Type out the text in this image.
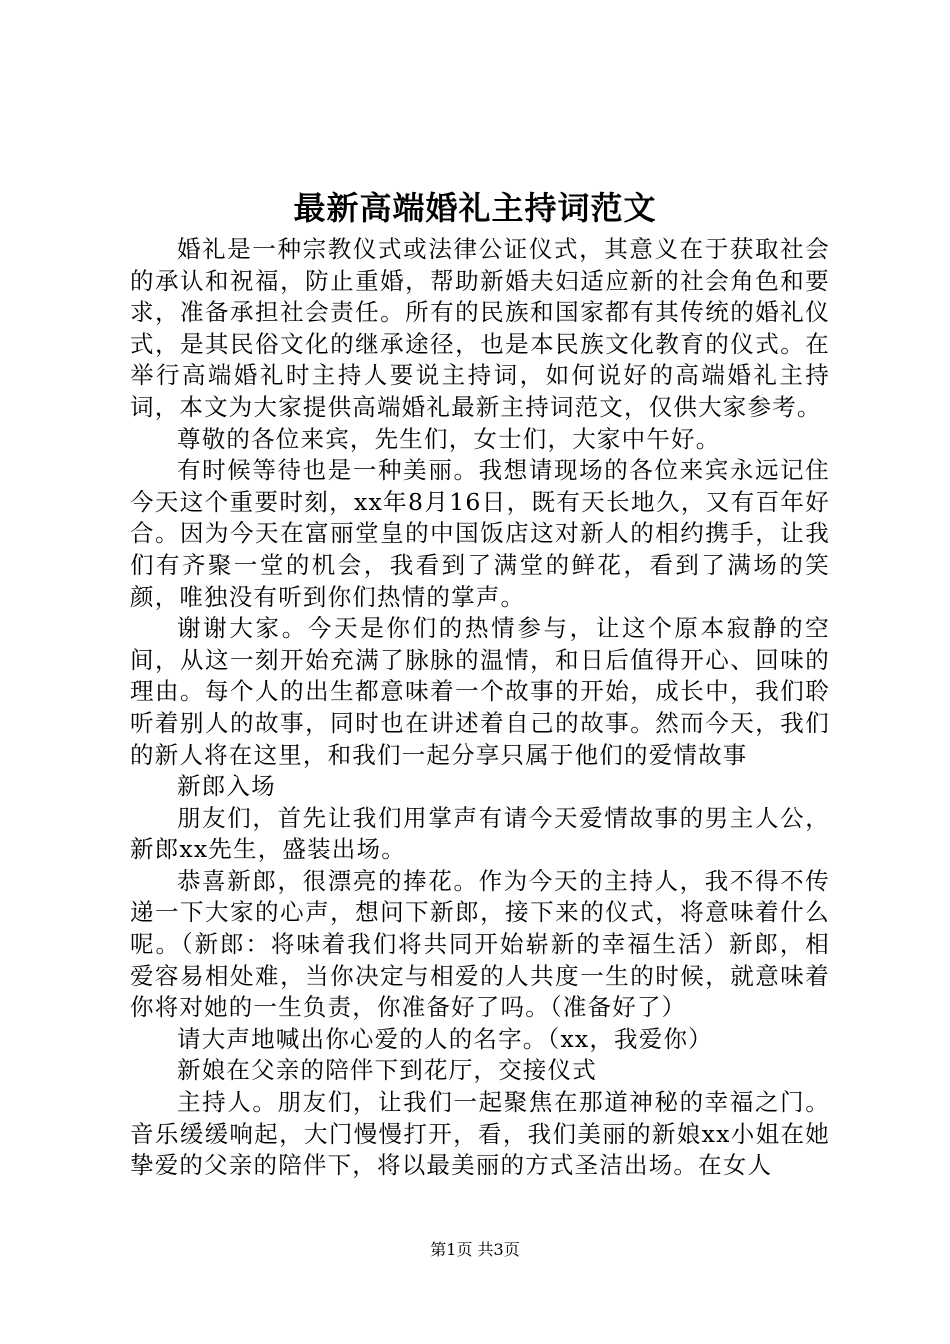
最新高端婚礼主持词范文

婚礼是一种宗教仪式或法律公证仪式，其意义在于获取社会的承认和祝福，防止重婚，帮助新婚夫妇适应新的社会角色和要求，准备承担社会责任。所有的民族和国家都有其传统的婚礼仪式，是其民俗文化的继承途径，也是本民族文化教育的仪式。在举行高端婚礼时主持人要说主持词，如何说好的高端婚礼主持词，本文为大家提供高端婚礼最新主持词范文，仅供大家参考。

尊敬的各位来宾，先生们，女士们，大家中午好。

有时候等待也是一种美丽。我想请现场的各位来宾永远记住今天这个重要时刻，xx年8月16日，既有天长地久，又有百年好合。因为今天在富丽堂皇的中国饭店这对新人的相约携手，让我们有齐聚一堂的机会，我看到了满堂的鲜花，看到了满场的笑颜，唯独没有听到你们热情的掌声。

谢谢大家。今天是你们的热情参与，让这个原本寂静的空间，从这一刻开始充满了脉脉的温情，和日后值得开心、回味的理由。每个人的出生都意味着一个故事的开始，成长中，我们聆听着别人的故事，同时也在讲述着自己的故事。然而今天，我们的新人将在这里，和我们一起分享只属于他们的爱情故事

新郎入场

朋友们，首先让我们用掌声有请今天爱情故事的男主人公，新郎xx先生，盛装出场。

恭喜新郎，很漂亮的捧花。作为今天的主持人，我不得不传递一下大家的心声，想问下新郎，接下来的仪式，将意味着什么呢。（新郎：将味着我们将共同开始崭新的幸福生活）新郎，相爱容易相处难，当你决定与相爱的人共度一生的时候，就意味着你将对她的一生负责，你准备好了吗。（准备好了）

请大声地喊出你心爱的人的名字。（xx，我爱你）

新娘在父亲的陪伴下到花厅，交接仪式

主持人。朋友们，让我们一起聚焦在那道神秘的幸福之门。音乐缓缓响起，大门慢慢打开，看，我们美丽的新娘xx小姐在她挚爱的父亲的陪伴下，将以最美丽的方式圣洁出场。在女人

第1页 共3页
